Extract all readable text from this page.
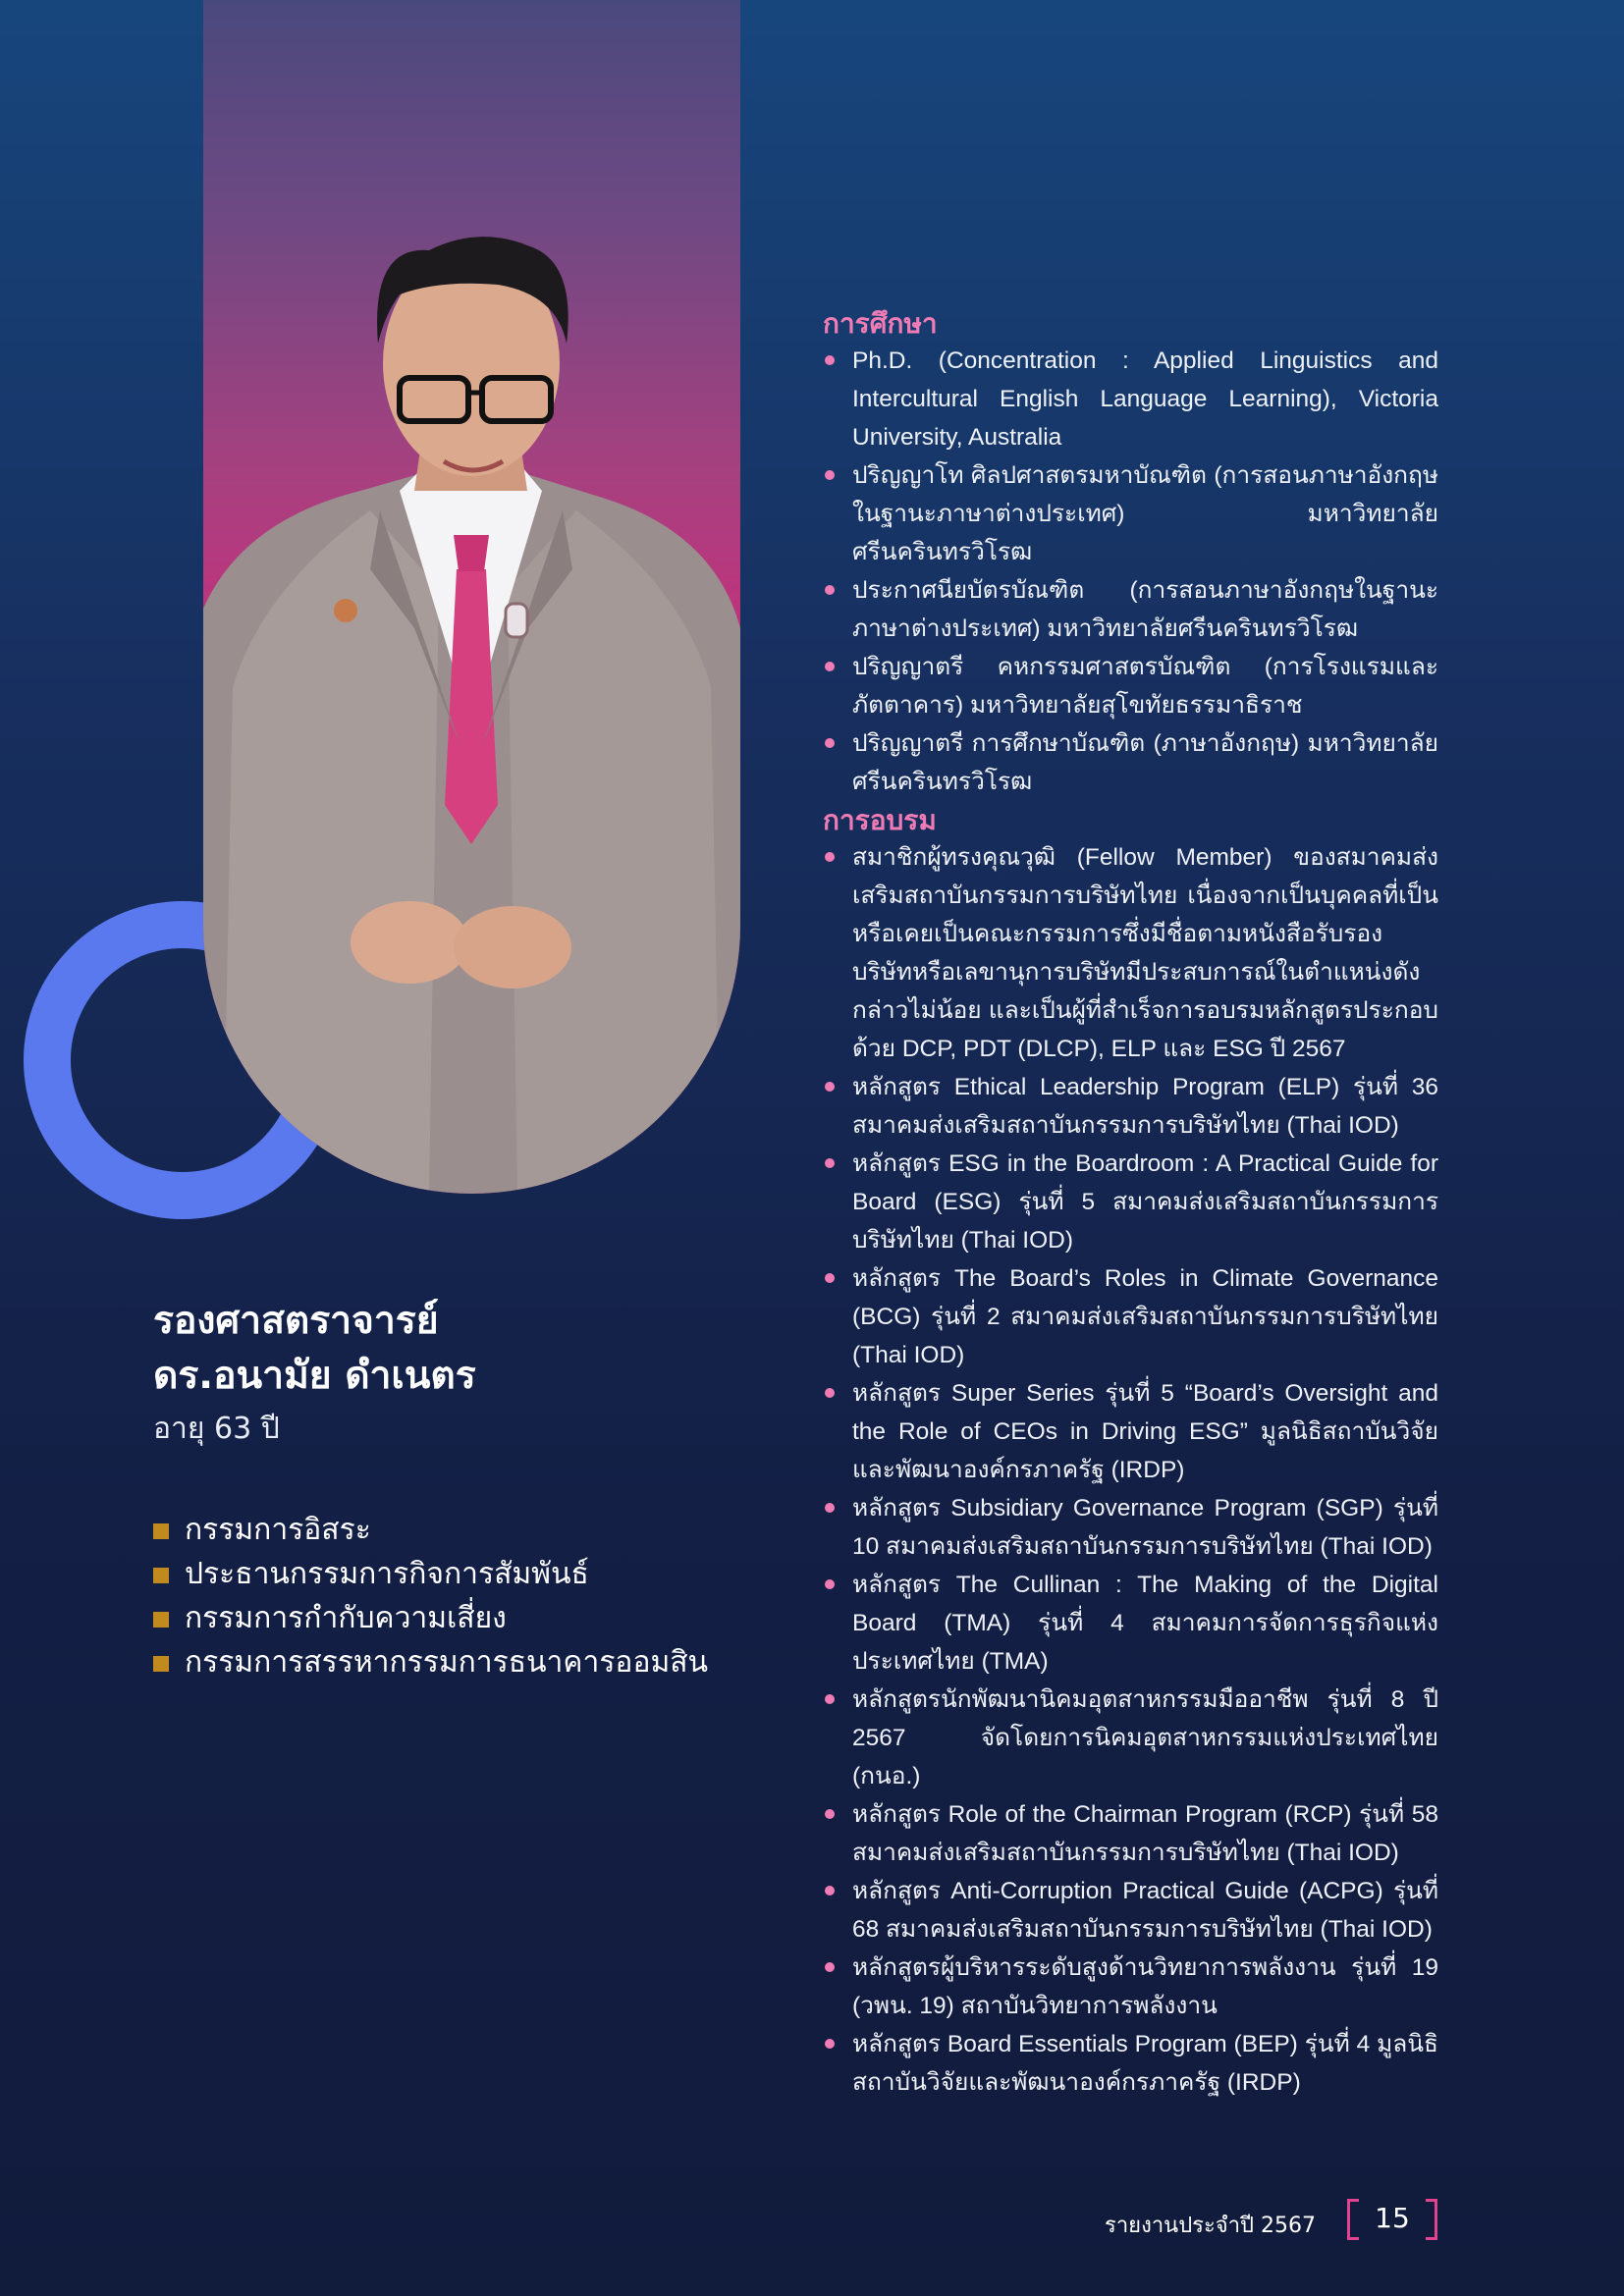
รองศาสตราจารย์
ดร.อนามัย ดำเนตร
อายุ 63 ปี
กรรมการอิสระ
ประธานกรรมการกิจการสัมพันธ์
กรรมการกำกับความเสี่ยง
กรรมการสรรหากรรมการธนาคารออมสิน
การศึกษา
Ph.D. (Concentration : Applied Linguistics and Intercultural English Language Learning), Victoria University, Australia
ปริญญาโท ศิลปศาสตรมหาบัณฑิต (การสอนภาษาอังกฤษในฐานะภาษาต่างประเทศ) มหาวิทยาลัยศรีนครินทรวิโรฒ
ประกาศนียบัตรบัณฑิต (การสอนภาษาอังกฤษในฐานะภาษาต่างประเทศ) มหาวิทยาลัยศรีนครินทรวิโรฒ
ปริญญาตรี คหกรรมศาสตรบัณฑิต (การโรงแรมและภัตตาคาร) มหาวิทยาลัยสุโขทัยธรรมาธิราช
ปริญญาตรี การศึกษาบัณฑิต (ภาษาอังกฤษ) มหาวิทยาลัยศรีนครินทรวิโรฒ
การอบรม
สมาชิกผู้ทรงคุณวุฒิ (Fellow Member) ของสมาคมส่งเสริมสถาบันกรรมการบริษัทไทย เนื่องจากเป็นบุคคลที่เป็นหรือเคยเป็นคณะกรรมการซึ่งมีชื่อตามหนังสือรับรองบริษัทหรือเลขานุการบริษัทมีประสบการณ์ในตำแหน่งดังกล่าวไม่น้อย และเป็นผู้ที่สำเร็จการอบรมหลักสูตรประกอบด้วย DCP, PDT (DLCP), ELP และ ESG ปี 2567
หลักสูตร Ethical Leadership Program (ELP) รุ่นที่ 36 สมาคมส่งเสริมสถาบันกรรมการบริษัทไทย (Thai IOD)
หลักสูตร ESG in the Boardroom : A Practical Guide for Board (ESG) รุ่นที่ 5 สมาคมส่งเสริมสถาบันกรรมการบริษัทไทย (Thai IOD)
หลักสูตร The Board’s Roles in Climate Governance (BCG) รุ่นที่ 2 สมาคมส่งเสริมสถาบันกรรมการบริษัทไทย (Thai IOD)
หลักสูตร Super Series รุ่นที่ 5 “Board’s Oversight and the Role of CEOs in Driving ESG” มูลนิธิสถาบันวิจัยและพัฒนาองค์กรภาครัฐ (IRDP)
หลักสูตร Subsidiary Governance Program (SGP) รุ่นที่ 10 สมาคมส่งเสริมสถาบันกรรมการบริษัทไทย (Thai IOD)
หลักสูตร The Cullinan : The Making of the Digital Board (TMA) รุ่นที่ 4 สมาคมการจัดการธุรกิจแห่งประเทศไทย (TMA)
หลักสูตรนักพัฒนานิคมอุตสาหกรรมมืออาชีพ รุ่นที่ 8 ปี 2567 จัดโดยการนิคมอุตสาหกรรมแห่งประเทศไทย (กนอ.)
หลักสูตร Role of the Chairman Program (RCP) รุ่นที่ 58 สมาคมส่งเสริมสถาบันกรรมการบริษัทไทย (Thai IOD)
หลักสูตร Anti-Corruption Practical Guide (ACPG) รุ่นที่ 68 สมาคมส่งเสริมสถาบันกรรมการบริษัทไทย (Thai IOD)
หลักสูตรผู้บริหารระดับสูงด้านวิทยาการพลังงาน รุ่นที่ 19 (วพน. 19) สถาบันวิทยาการพลังงาน
หลักสูตร Board Essentials Program (BEP) รุ่นที่ 4 มูลนิธิสถาบันวิจัยและพัฒนาองค์กรภาครัฐ (IRDP)
รายงานประจำปี 2567	15
